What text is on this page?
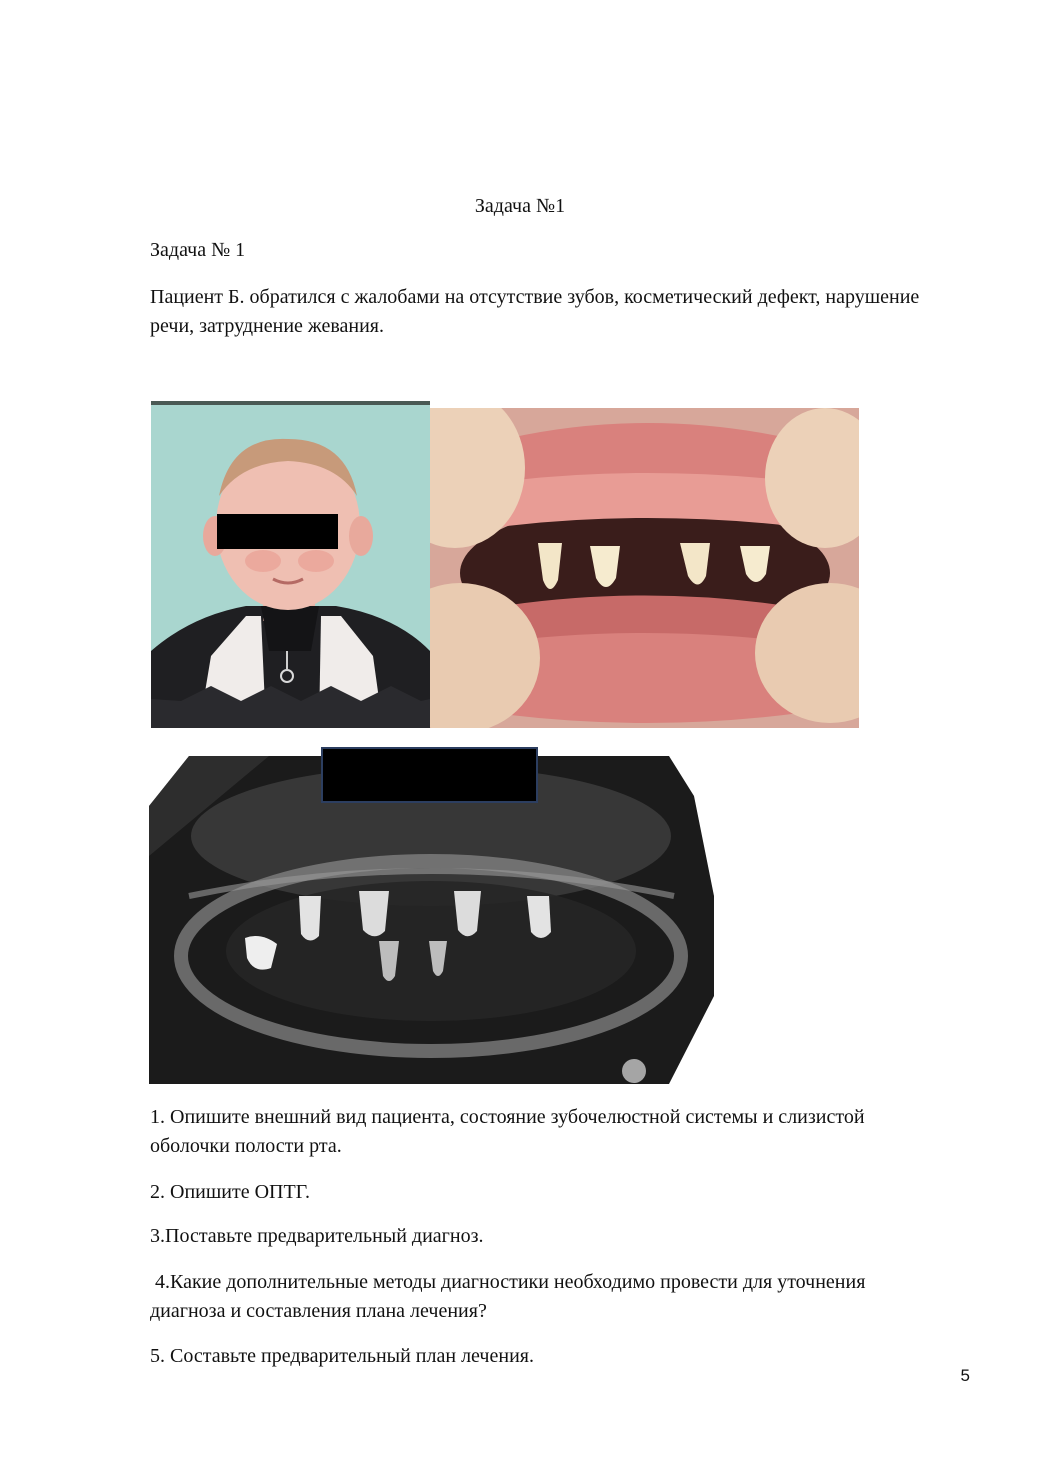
Задача №1

Задача № 1

Пациент Б. обратился с жалобами на отсутствие зубов, косметический дефект, нарушение

речи, затруднение жевания.

1. Опишите внешний вид пациента, состояние зубочелюстной системы и слизистой

оболочки полости рта.

2. Опишите ОПТГ.

3.Поставьте предварительный диагноз.

4.Какие дополнительные методы диагностики необходимо провести для уточнения

диагноза и составления плана лечения?

5. Составьте предварительный план лечения.

5
